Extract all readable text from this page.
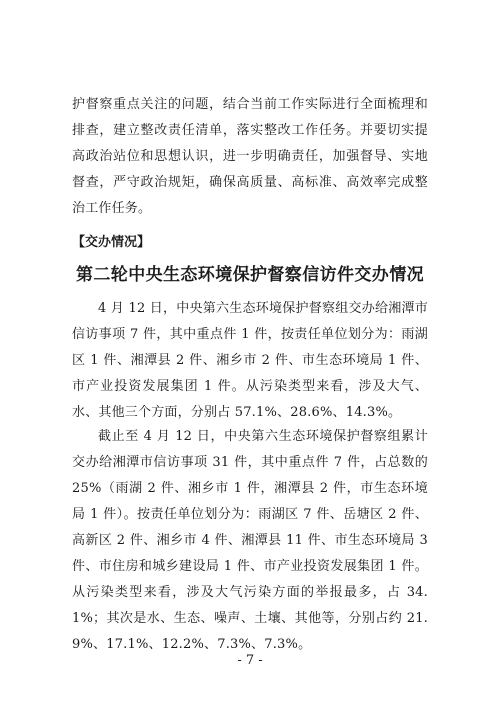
护督察重点关注的问题，结合当前工作实际进行全面梳理和排查，建立整改责任清单，落实整改工作任务。并要切实提高政治站位和思想认识，进一步明确责任，加强督导、实地督查，严守政治规矩，确保高质量、高标准、高效率完成整治工作任务。

【交办情况】
第二轮中央生态环境保护督察信访件交办情况

4 月 12 日，中央第六生态环境保护督察组交办给湘潭市信访事项 7 件，其中重点件 1 件，按责任单位划分为：雨湖区 1 件、湘潭县 2 件、湘乡市 2 件、市生态环境局 1 件、市产业投资发展集团 1 件。从污染类型来看，涉及大气、水、其他三个方面，分别占 57.1%、28.6%、14.3%。

截止至 4 月 12 日，中央第六生态环境保护督察组累计交办给湘潭市信访事项 31 件，其中重点件 7 件，占总数的 25%（雨湖 2 件、湘乡市 1 件，湘潭县 2 件，市生态环境局 1 件）。按责任单位划分为：雨湖区 7 件、岳塘区 2 件、高新区 2 件、湘乡市 4 件、湘潭县 11 件、市生态环境局 3 件、市住房和城乡建设局 1 件、市产业投资发展集团 1 件。从污染类型来看，涉及大气污染方面的举报最多，占 34.1%；其次是水、生态、噪声、土壤、其他等，分别占约 21.9%、17.1%、12.2%、7.3%、7.3%。

- 7 -
